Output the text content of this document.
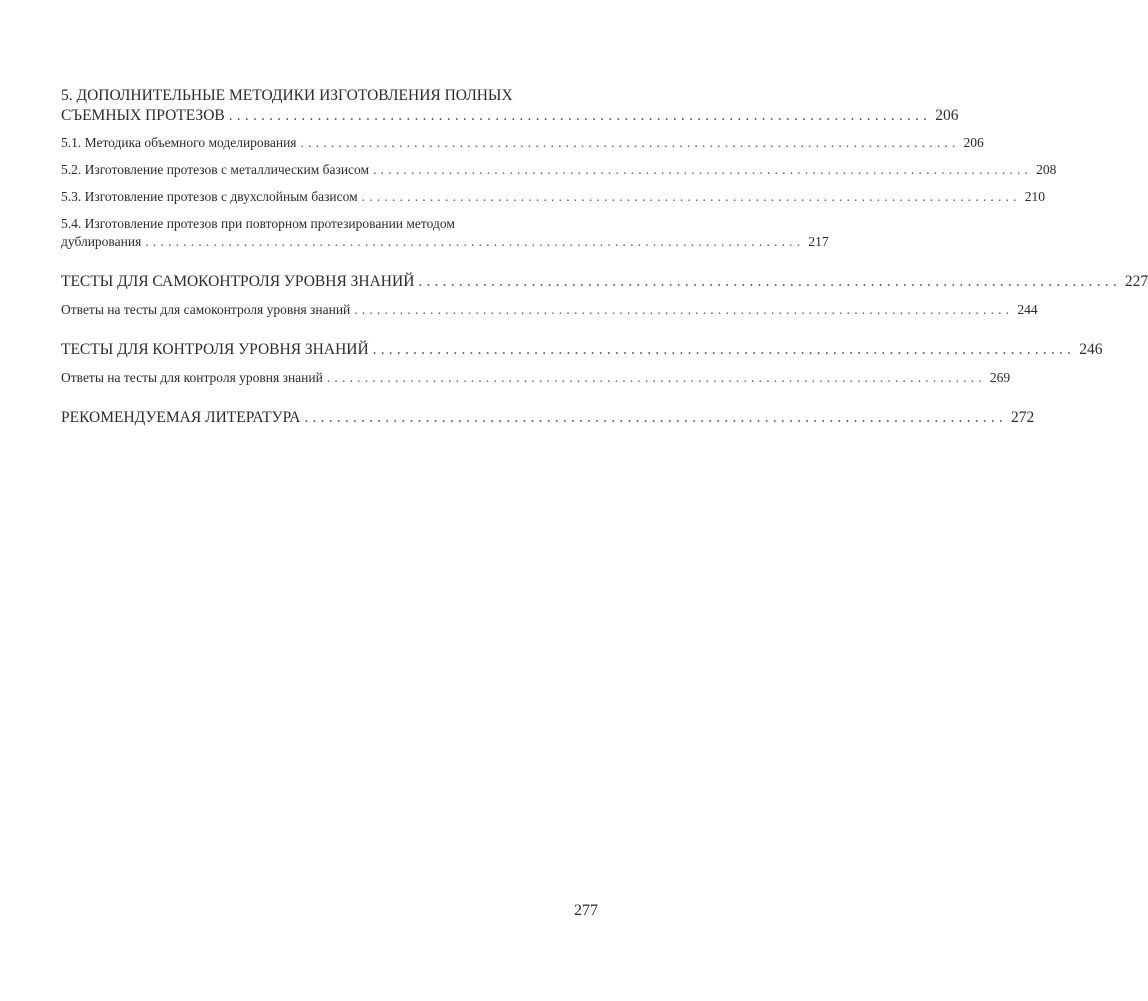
5. ДОПОЛНИТЕЛЬНЫЕ МЕТОДИКИ ИЗГОТОВЛЕНИЯ ПОЛНЫХ
СЪЕМНЫХ ПРОТЕЗОВ ....................................................................................... 206
5.1. Методика объемного моделирования ....................................................................................... 206
5.2. Изготовление протезов с металлическим базисом ....................................................................................... 208
5.3. Изготовление протезов с двухслойным базисом ....................................................................................... 210
5.4. Изготовление протезов при повторном протезировании методом
дублирования ....................................................................................... 217
ТЕСТЫ ДЛЯ САМОКОНТРОЛЯ УРОВНЯ ЗНАНИЙ ....................................................................................... 227
Ответы на тесты для самоконтроля уровня знаний ....................................................................................... 244
ТЕСТЫ ДЛЯ КОНТРОЛЯ УРОВНЯ ЗНАНИЙ ....................................................................................... 246
Ответы на тесты для контроля уровня знаний ....................................................................................... 269
РЕКОМЕНДУЕМАЯ ЛИТЕРАТУРА ....................................................................................... 272
277
